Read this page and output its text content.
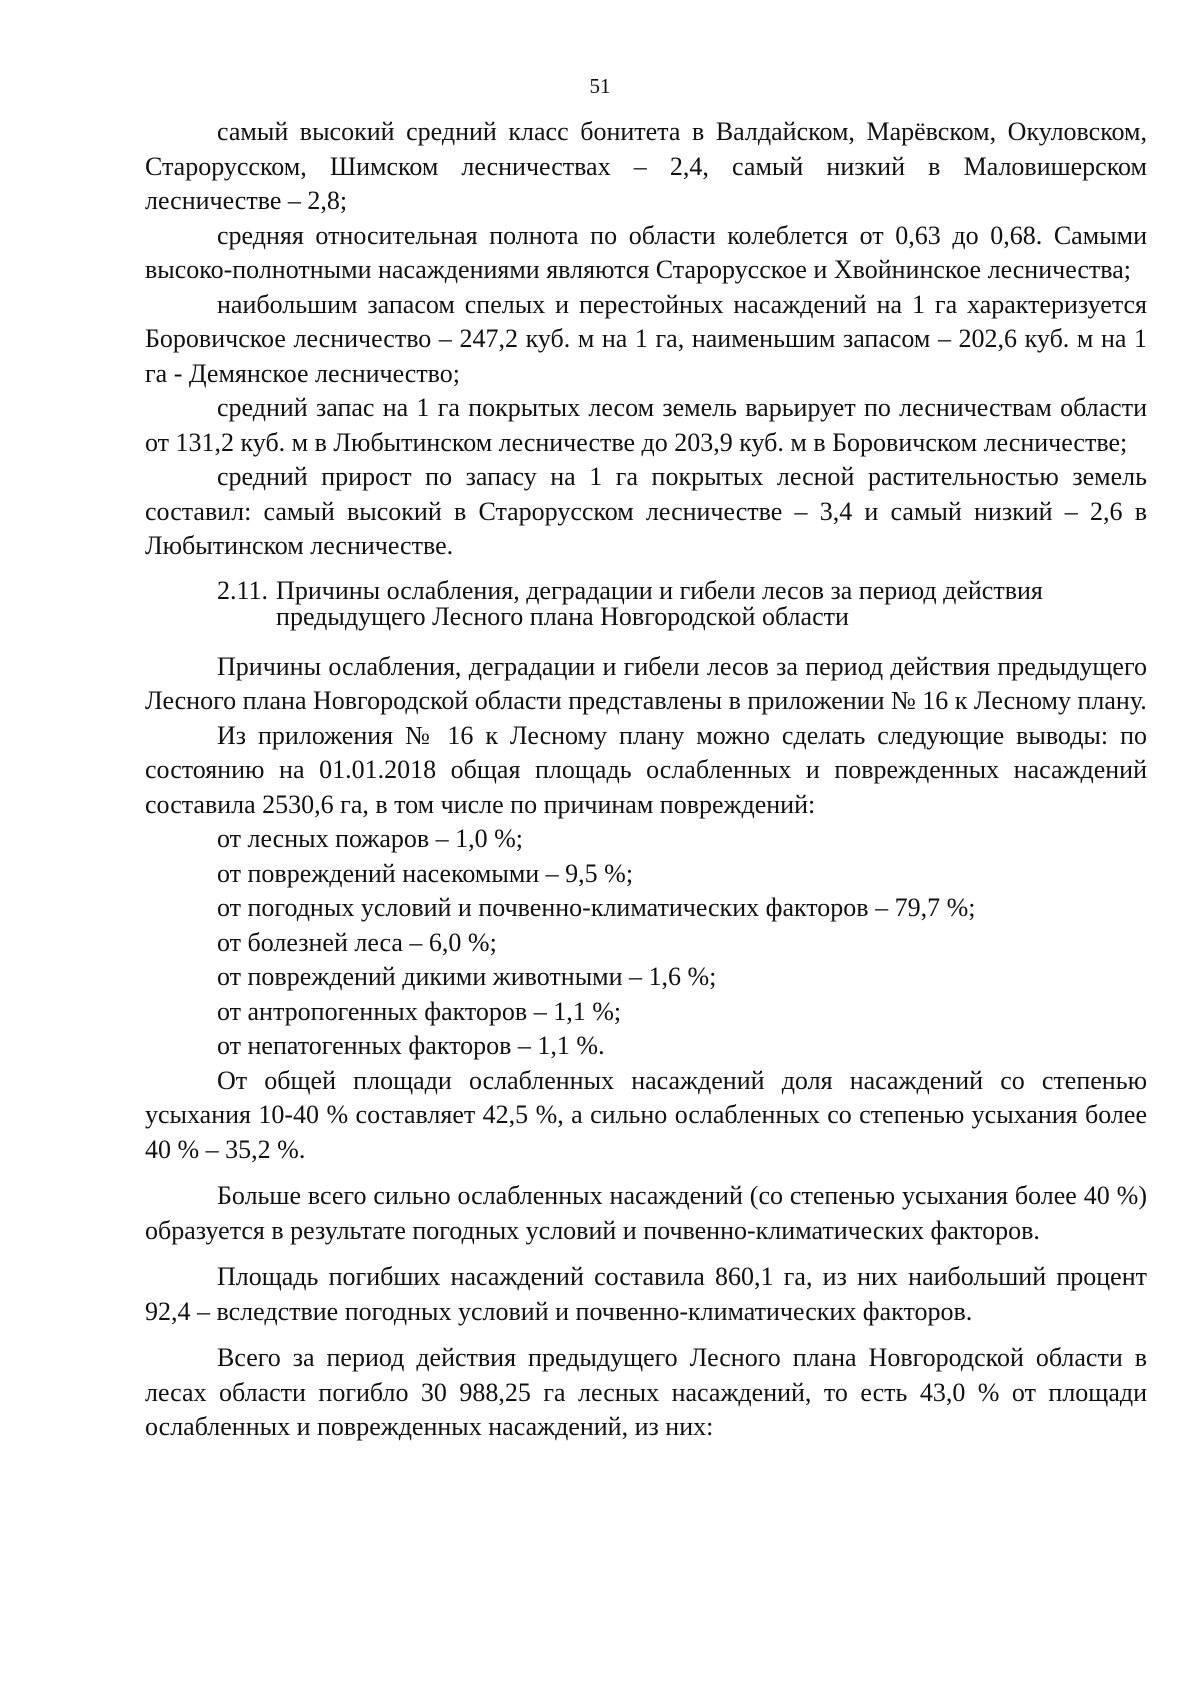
51

самый высокий средний класс бонитета в Валдайском, Марёвском, Окуловском, Старорусском, Шимском лесничествах – 2,4, самый низкий в Маловишерском лесничестве – 2,8;

средняя относительная полнота по области колеблется от 0,63 до 0,68. Самыми высоко-полнотными насаждениями являются Старорусское и Хвойнинское лесничества;

наибольшим запасом спелых и перестойных насаждений на 1 га характеризуется Боровичское лесничество – 247,2 куб. м на 1 га, наименьшим запасом – 202,6 куб. м на 1 га - Демянское лесничество;

средний запас на 1 га покрытых лесом земель варьирует по лесничествам области от 131,2 куб. м в Любытинском лесничестве до 203,9 куб. м в Боровичском лесничестве;

средний прирост по запасу на 1 га покрытых лесной растительностью земель составил: самый высокий в Старорусском лесничестве – 3,4 и самый низкий – 2,6 в Любытинском лесничестве.

2.11. Причины ослабления, деградации и гибели лесов за период действия предыдущего Лесного плана Новгородской области

Причины ослабления, деградации и гибели лесов за период действия предыдущего Лесного плана Новгородской области представлены в приложении № 16 к Лесному плану.

Из приложения № 16 к Лесному плану можно сделать следующие выводы: по состоянию на 01.01.2018 общая площадь ослабленных и поврежденных насаждений составила 2530,6 га, в том числе по причинам повреждений:

от лесных пожаров – 1,0 %;
от повреждений насекомыми – 9,5 %;
от погодных условий и почвенно-климатических факторов – 79,7 %;
от болезней леса – 6,0 %;
от повреждений дикими животными – 1,6 %;
от антропогенных факторов – 1,1 %;
от непатогенных факторов – 1,1 %.

От общей площади ослабленных насаждений доля насаждений со степенью усыхания 10-40 % составляет 42,5 %, а сильно ослабленных со степенью усыхания более 40 % – 35,2 %.

Больше всего сильно ослабленных насаждений (со степенью усыхания более 40 %) образуется в результате погодных условий и почвенно-климатических факторов.

Площадь погибших насаждений составила 860,1 га, из них наибольший процент 92,4 – вследствие погодных условий и почвенно-климатических факторов.

Всего за период действия предыдущего Лесного плана Новгородской области в лесах области погибло 30 988,25 га лесных насаждений, то есть 43,0 % от площади ослабленных и поврежденных насаждений, из них:
